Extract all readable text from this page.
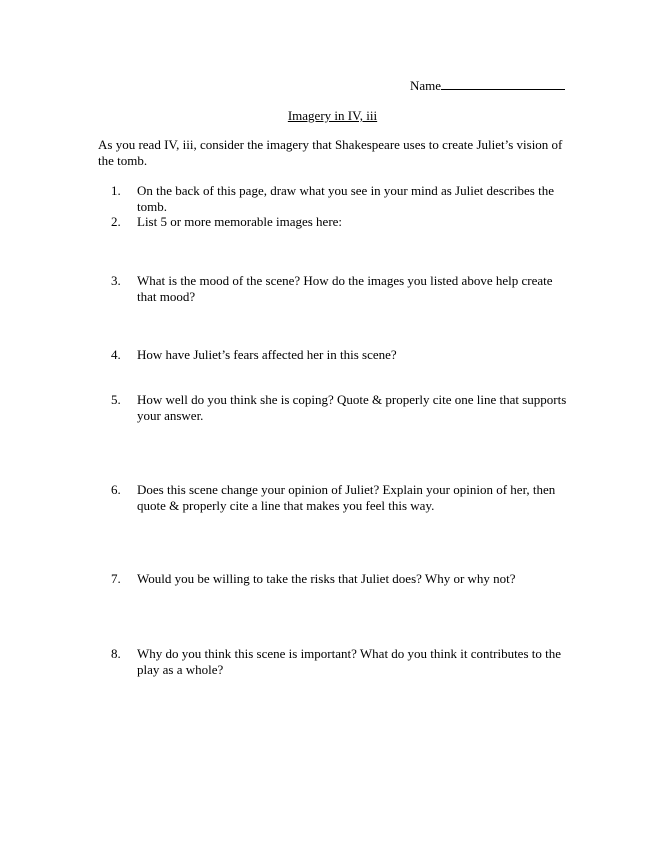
Name
Imagery in IV, iii
As you read IV, iii, consider the imagery that Shakespeare uses to create Juliet’s vision of the tomb.
1.	On the back of this page, draw what you see in your mind as Juliet describes the tomb.
2.	List 5 or more memorable images here:
3.	What is the mood of the scene? How do the images you listed above help create that mood?
4.	How have Juliet’s fears affected her in this scene?
5.	How well do you think she is coping? Quote & properly cite one line that supports your answer.
6.	Does this scene change your opinion of Juliet? Explain your opinion of her, then quote & properly cite a line that makes you feel this way.
7.	Would you be willing to take the risks that Juliet does? Why or why not?
8.	Why do you think this scene is important? What do you think it contributes to the play as a whole?
